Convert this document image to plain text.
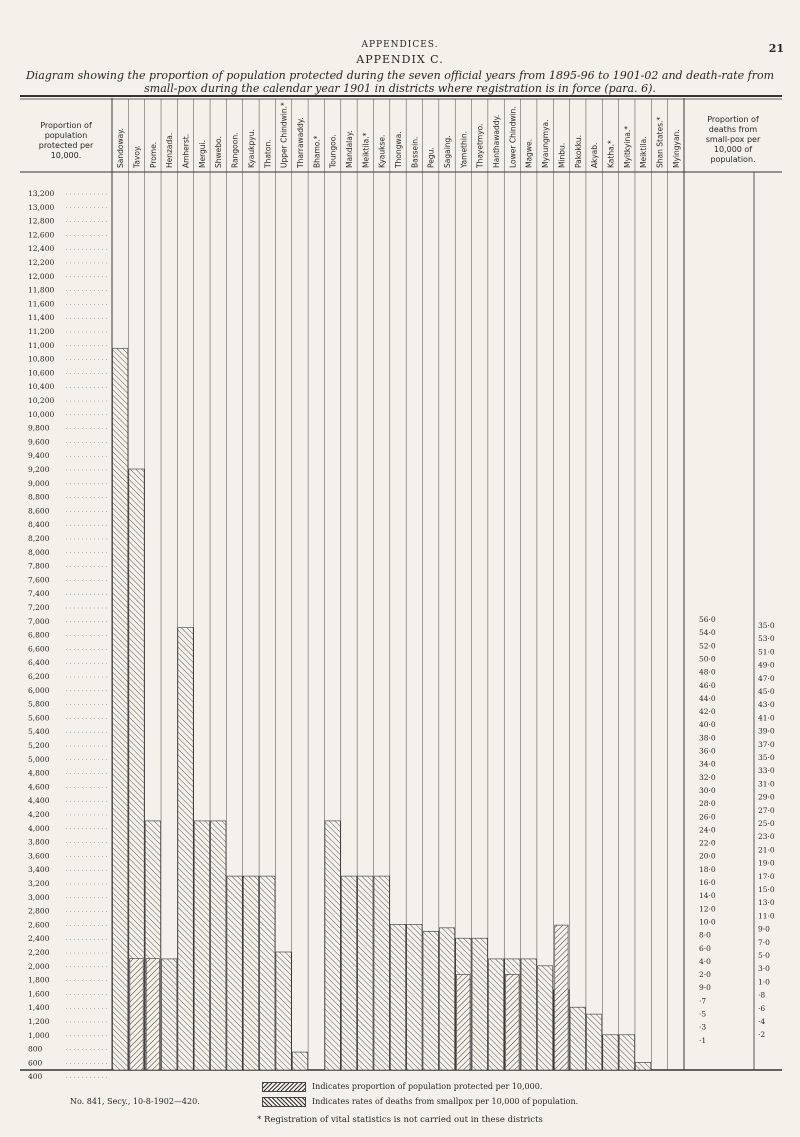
APPENDICES.	21
APPENDIX C.
Diagram showing the proportion of population protected during the seven official years from 1895-96 to 1901-02 and death-rate from small-pox during the calendar year 1901 in districts where registration is in force (para. 6).
Proportion of population protected per 10,000.
Proportion of deaths from small-pox per 10,000 of population.
Sandoway. Tavoy. Prome. Henzada. Amherst. Mergui. Shwebo. Rangoon. Kyaukpyu. Thaton. Upper Chindwin.* Tharrawaddy. Bhamo.* Toungoo. Mandalay. Meiktila.* Kyaukse. Thongwa. Bassein. Pegu. Sagaing. Yamethin. Thayetmyo. Hanthawaddy. Lower Chindwin. Magwe. Myaungmya. Minbu. Pakokku. Akyab. Katha.* Myitkyina.* Meiktila. Shan States.* Myingyan.
13,200
13,000
12,800
12,600
12,400
12,200
12,000
11,800
11,600
11,400
11,200
11,000
10,800
10,600
10,400
10,200
10,000
9,800
9,600
9,400
9,200
9,000
8,800
8,600
8,400
8,200
8,000
7,800
7,600
7,400
7,200
7,000
6,800
6,600
6,400
6,200
6,000
5,800
5,600
5,400
5,200
5,000
4,800
4,600
4,400
4,200
4,000
3,800
3,600
3,400
3,200
3,000
2,800
2,600
2,400
2,200
2,000
1,800
1,600
1,400
1,200
1,000
800
600
400
56·0
54·0
52·0
50·0
48·0
46·0
44·0
42·0
40·0
38·0
36·0
34·0
32·0
30·0
28·0
26·0
24·0
22·0
20·0
18·0
16·0
14·0
12·0
10·0
8·0
6·0
4·0
2·0
9·0
·7
·5
·3
·1
35·0
53·0
51·0
49·0
47·0
45·0
43·0
41·0
39·0
37·0
35·0
33·0
31·0
29·0
27·0
25·0
23·0
21·0
19·0
17·0
15·0
13·0
11·0
9·0
7·0
5·0
3·0
1·0
·8
·6
·4
·2
No. 841, Secy., 10-8-1902—420.
Indicates proportion of population protected per 10,000.
Indicates rates of deaths from smallpox per 10,000 of population.
* Registration of vital statistics is not carried out in these districts
